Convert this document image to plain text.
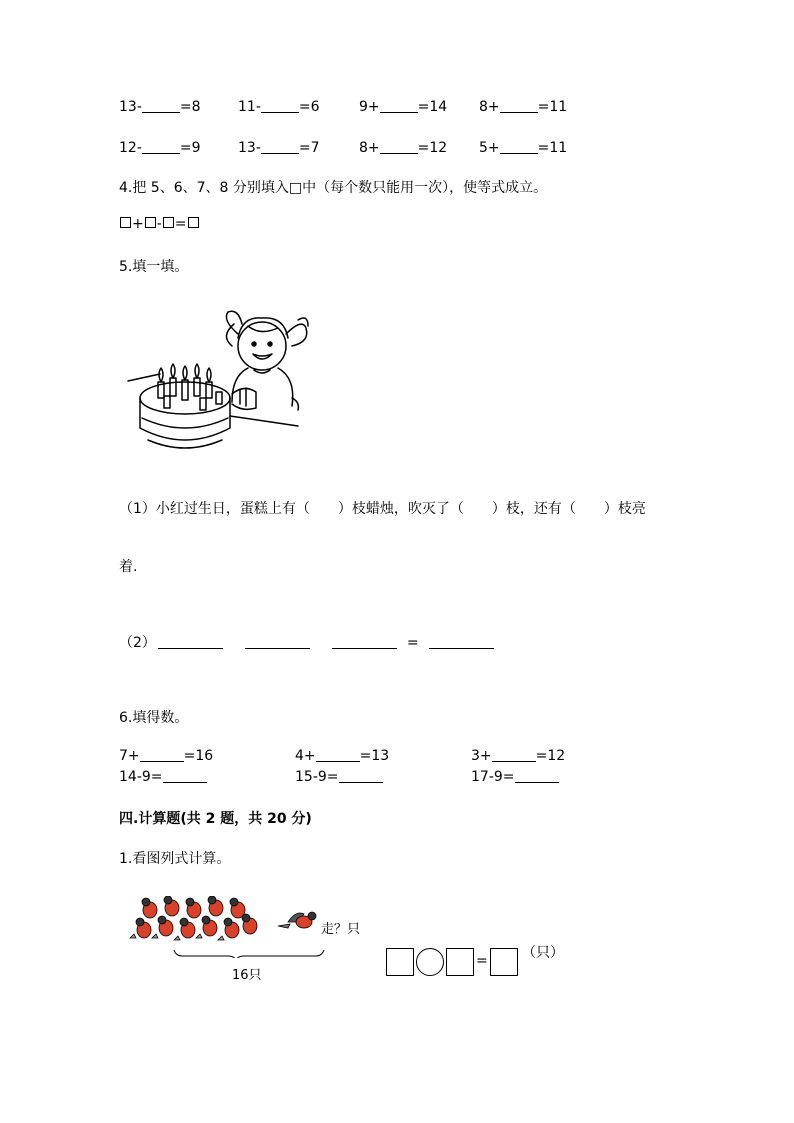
13-	=8	11-	=6	9+	=14 8+	=11
12-	=9	13-	=7	8+	=12 5+	=11
4.把 5、6、7、8 分别填入□中（每个数只能用一次），使等式成立。
+ - =
5.填一填。
（1）小红过生日，蛋糕上有（　　）枝蜡烛，吹灭了（　　）枝，还有（　　）枝亮
着.
（2）	=
6.填得数。
7+	=16	4+	=13	3+	=12
14-9=	15-9=	17-9=
四.计算题(共 2 题，共 20 分)
1.看图列式计算。
走？只
16只
= （只）
